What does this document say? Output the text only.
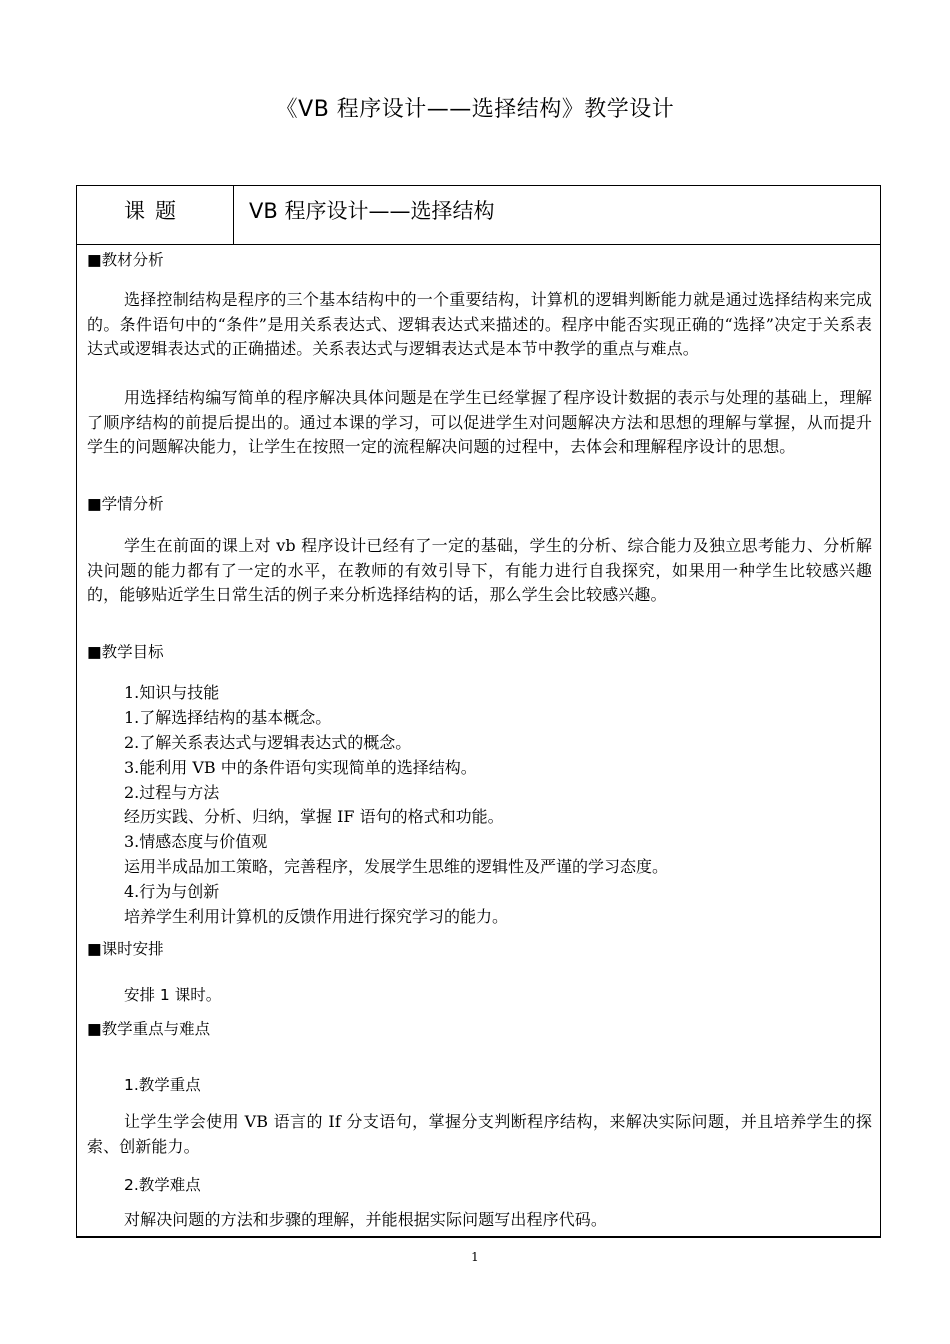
《VB 程序设计——选择结构》教学设计
课题	VB 程序设计——选择结构
■教材分析

选择控制结构是程序的三个基本结构中的一个重要结构，计算机的逻辑判断能力就是通过选择结构来完成的。条件语句中的“条件”是用关系表达式、逻辑表达式来描述的。程序中能否实现正确的“选择”决定于关系表达式或逻辑表达式的正确描述。关系表达式与逻辑表达式是本节中教学的重点与难点。

用选择结构编写简单的程序解决具体问题是在学生已经掌握了程序设计数据的表示与处理的基础上，理解了顺序结构的前提后提出的。通过本课的学习，可以促进学生对问题解决方法和思想的理解与掌握，从而提升学生的问题解决能力，让学生在按照一定的流程解决问题的过程中，去体会和理解程序设计的思想。

■学情分析

学生在前面的课上对 vb 程序设计已经有了一定的基础，学生的分析、综合能力及独立思考能力、分析解决问题的能力都有了一定的水平，在教师的有效引导下，有能力进行自我探究，如果用一种学生比较感兴趣的，能够贴近学生日常生活的例子来分析选择结构的话，那么学生会比较感兴趣。

■教学目标
1.知识与技能
1.了解选择结构的基本概念。
2.了解关系表达式与逻辑表达式的概念。
3.能利用 VB 中的条件语句实现简单的选择结构。
2.过程与方法
经历实践、分析、归纳，掌握 IF 语句的格式和功能。
3.情感态度与价值观
运用半成品加工策略，完善程序，发展学生思维的逻辑性及严谨的学习态度。
4.行为与创新
培养学生利用计算机的反馈作用进行探究学习的能力。
■课时安排
安排 1 课时。
■教学重点与难点
1.教学重点

让学生学会使用 VB 语言的 If 分支语句，掌握分支判断程序结构，来解决实际问题，并且培养学生的探索、创新能力。

2.教学难点

对解决问题的方法和步骤的理解，并能根据实际问题写出程序代码。

1
